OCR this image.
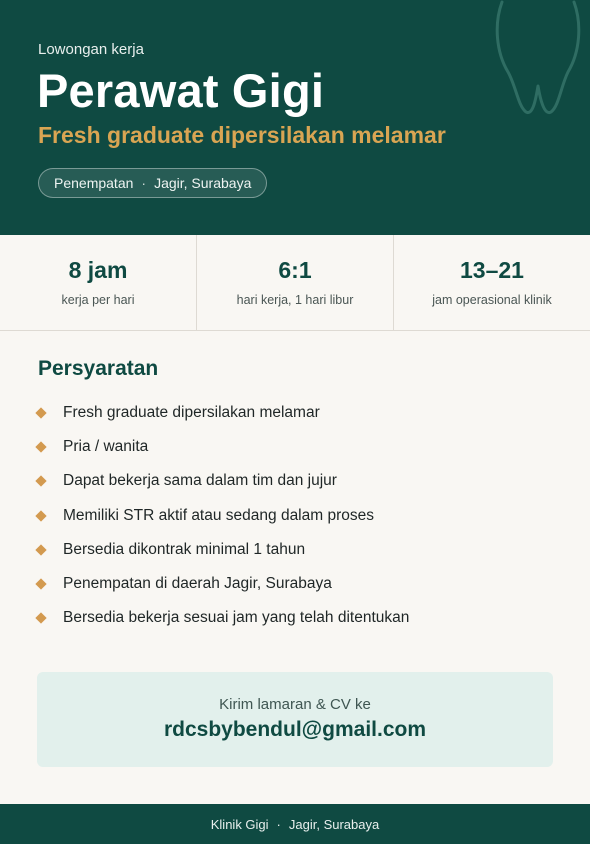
Lowongan kerja
Perawat Gigi
Fresh graduate dipersilakan melamar
Penempatan · Jagir, Surabaya
8 jam
kerja per hari
6:1
hari kerja, 1 hari libur
13–21
jam operasional klinik
Persyaratan
Fresh graduate dipersilakan melamar
Pria / wanita
Dapat bekerja sama dalam tim dan jujur
Memiliki STR aktif atau sedang dalam proses
Bersedia dikontrak minimal 1 tahun
Penempatan di daerah Jagir, Surabaya
Bersedia bekerja sesuai jam yang telah ditentukan
Kirim lamaran & CV ke
rdcsbybendul@gmail.com
Klinik Gigi · Jagir, Surabaya
